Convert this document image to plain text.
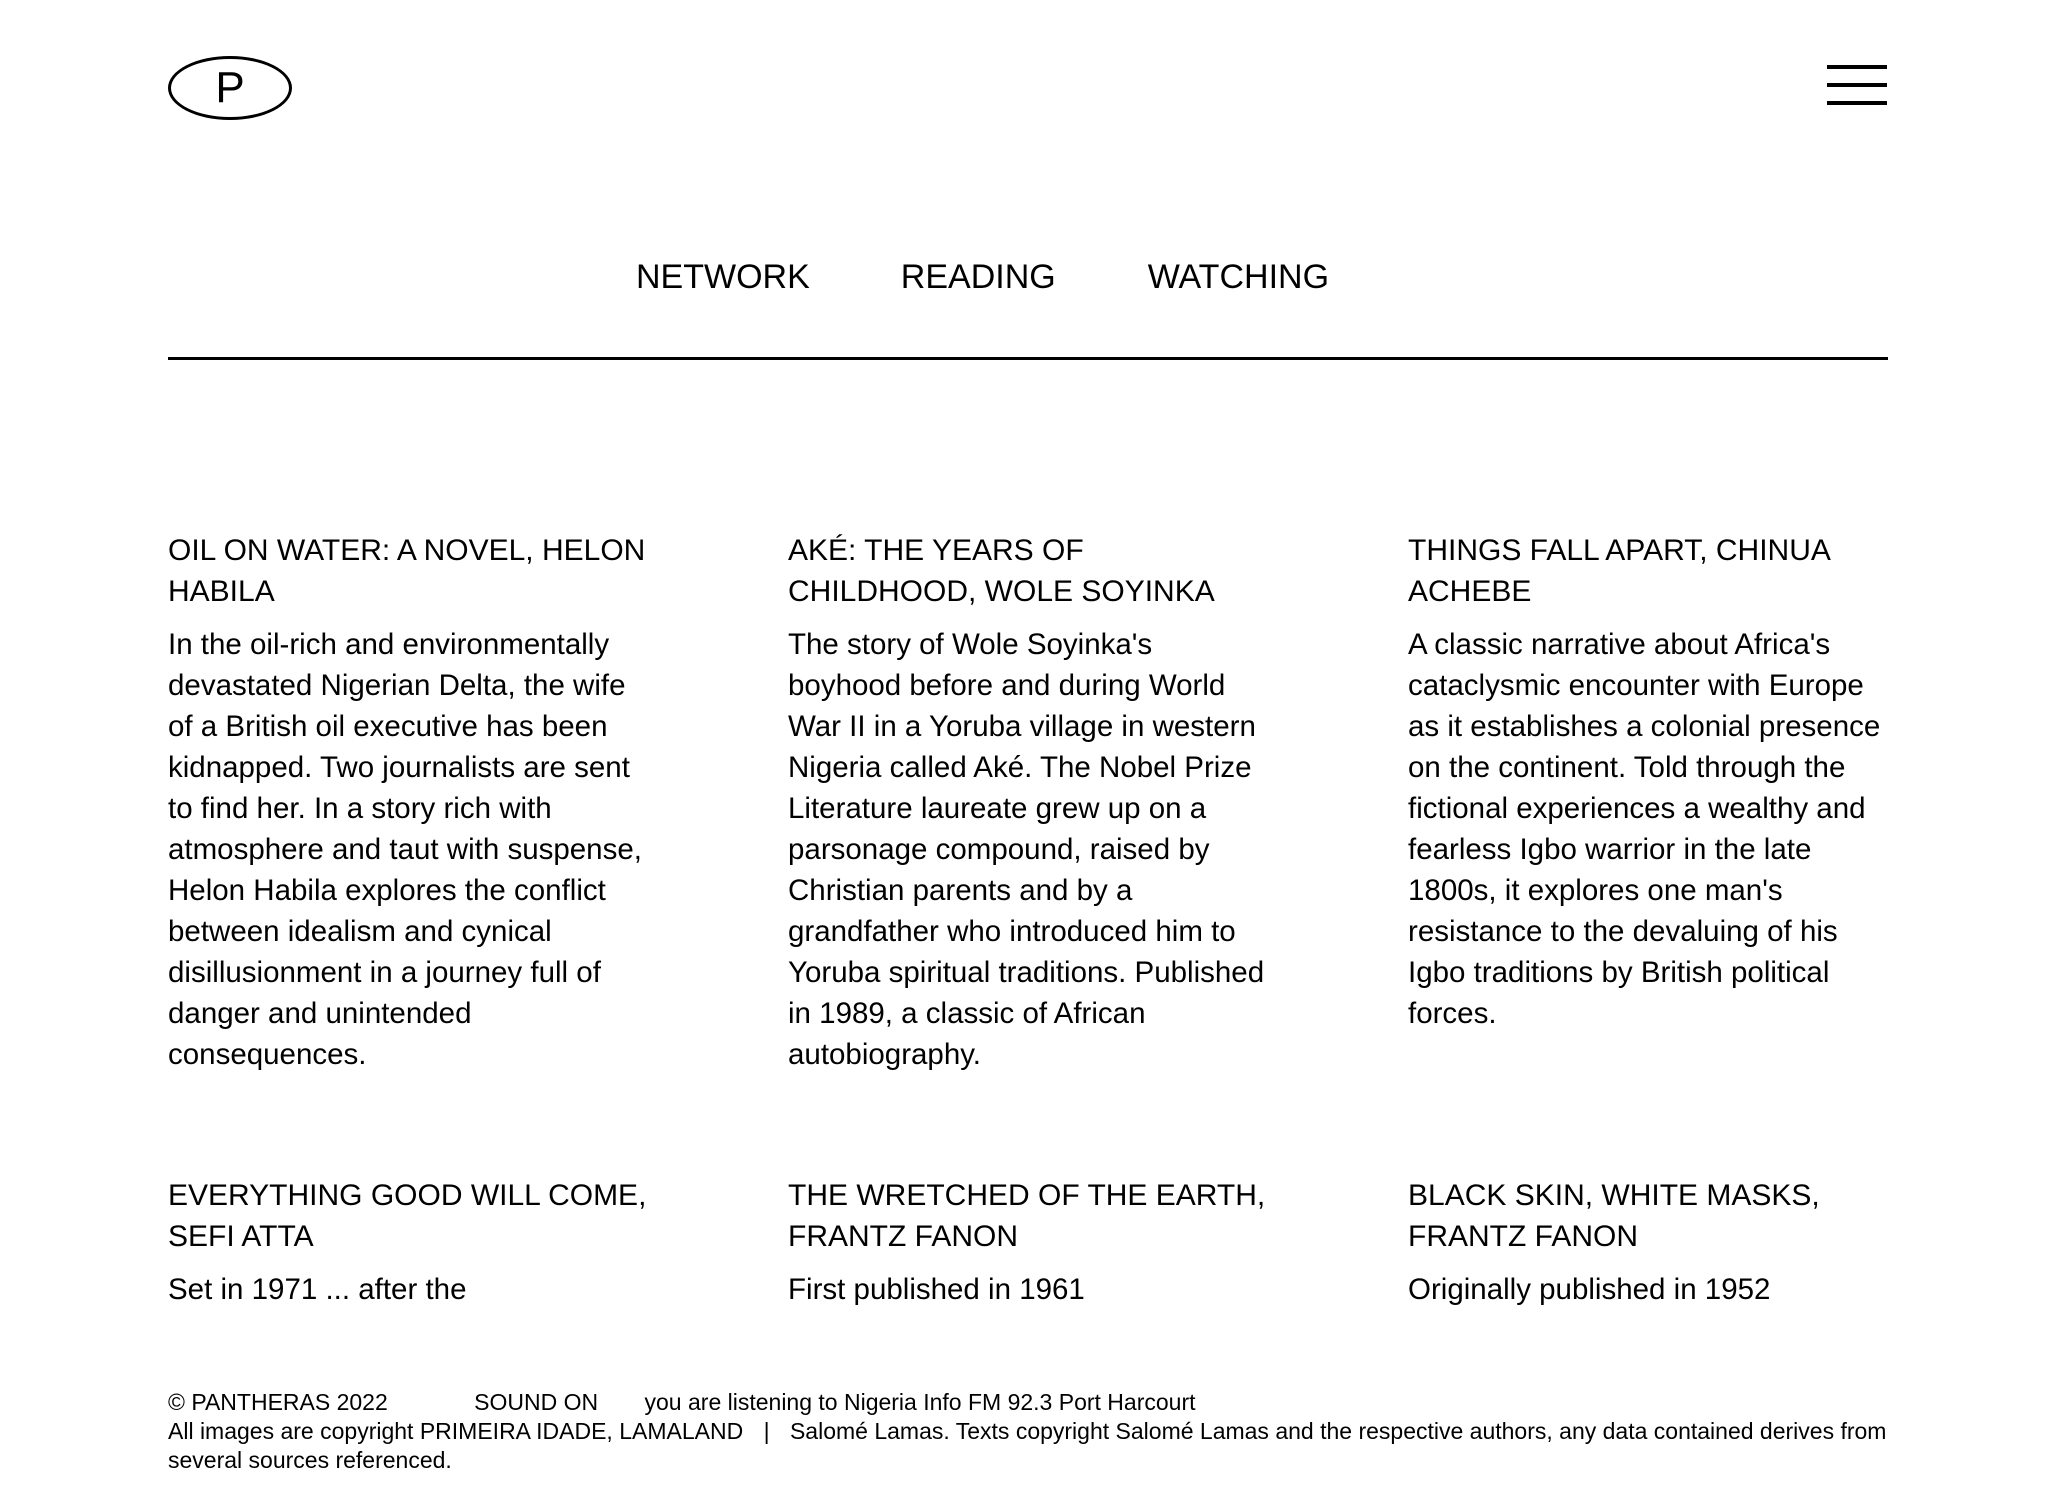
P
NETWORK	READING	WATCHING
OIL ON WATER: A NOVEL, HELON HABILA

In the oil-rich and environmentally devastated Nigerian Delta, the wife of a British oil executive has been kidnapped. Two journalists are sent to find her. In a story rich with atmosphere and taut with suspense, Helon Habila explores the conflict between idealism and cynical disillusionment in a journey full of danger and unintended consequences.

AKÉ: THE YEARS OF CHILDHOOD, WOLE SOYINKA

The story of Wole Soyinka's boyhood before and during World War II in a Yoruba village in western Nigeria called Aké. The Nobel Prize Literature laureate grew up on a parsonage compound, raised by Christian parents and by a grandfather who introduced him to Yoruba spiritual traditions. Published in 1989, a classic of African autobiography.

THINGS FALL APART, CHINUA ACHEBE

A classic narrative about Africa's cataclysmic encounter with Europe as it establishes a colonial presence on the continent. Told through the fictional experiences a wealthy and fearless Igbo warrior in the late 1800s, it explores one man's resistance to the devaluing of his Igbo traditions by British political forces.

EVERYTHING GOOD WILL COME, SEFI ATTA

Set in 1971 ... after the

THE WRETCHED OF THE EARTH, FRANTZ FANON

First published in 1961

BLACK SKIN, WHITE MASKS, FRANTZ FANON

Originally published in 1952

© PANTHERAS 2022	SOUND ON you are listening to Nigeria Info FM 92.3 Port Harcourt
All images are copyright PRIMEIRA IDADE, LAMALAND | Salomé Lamas. Texts copyright Salomé Lamas and the respective authors, any data contained derives from several sources referenced.
